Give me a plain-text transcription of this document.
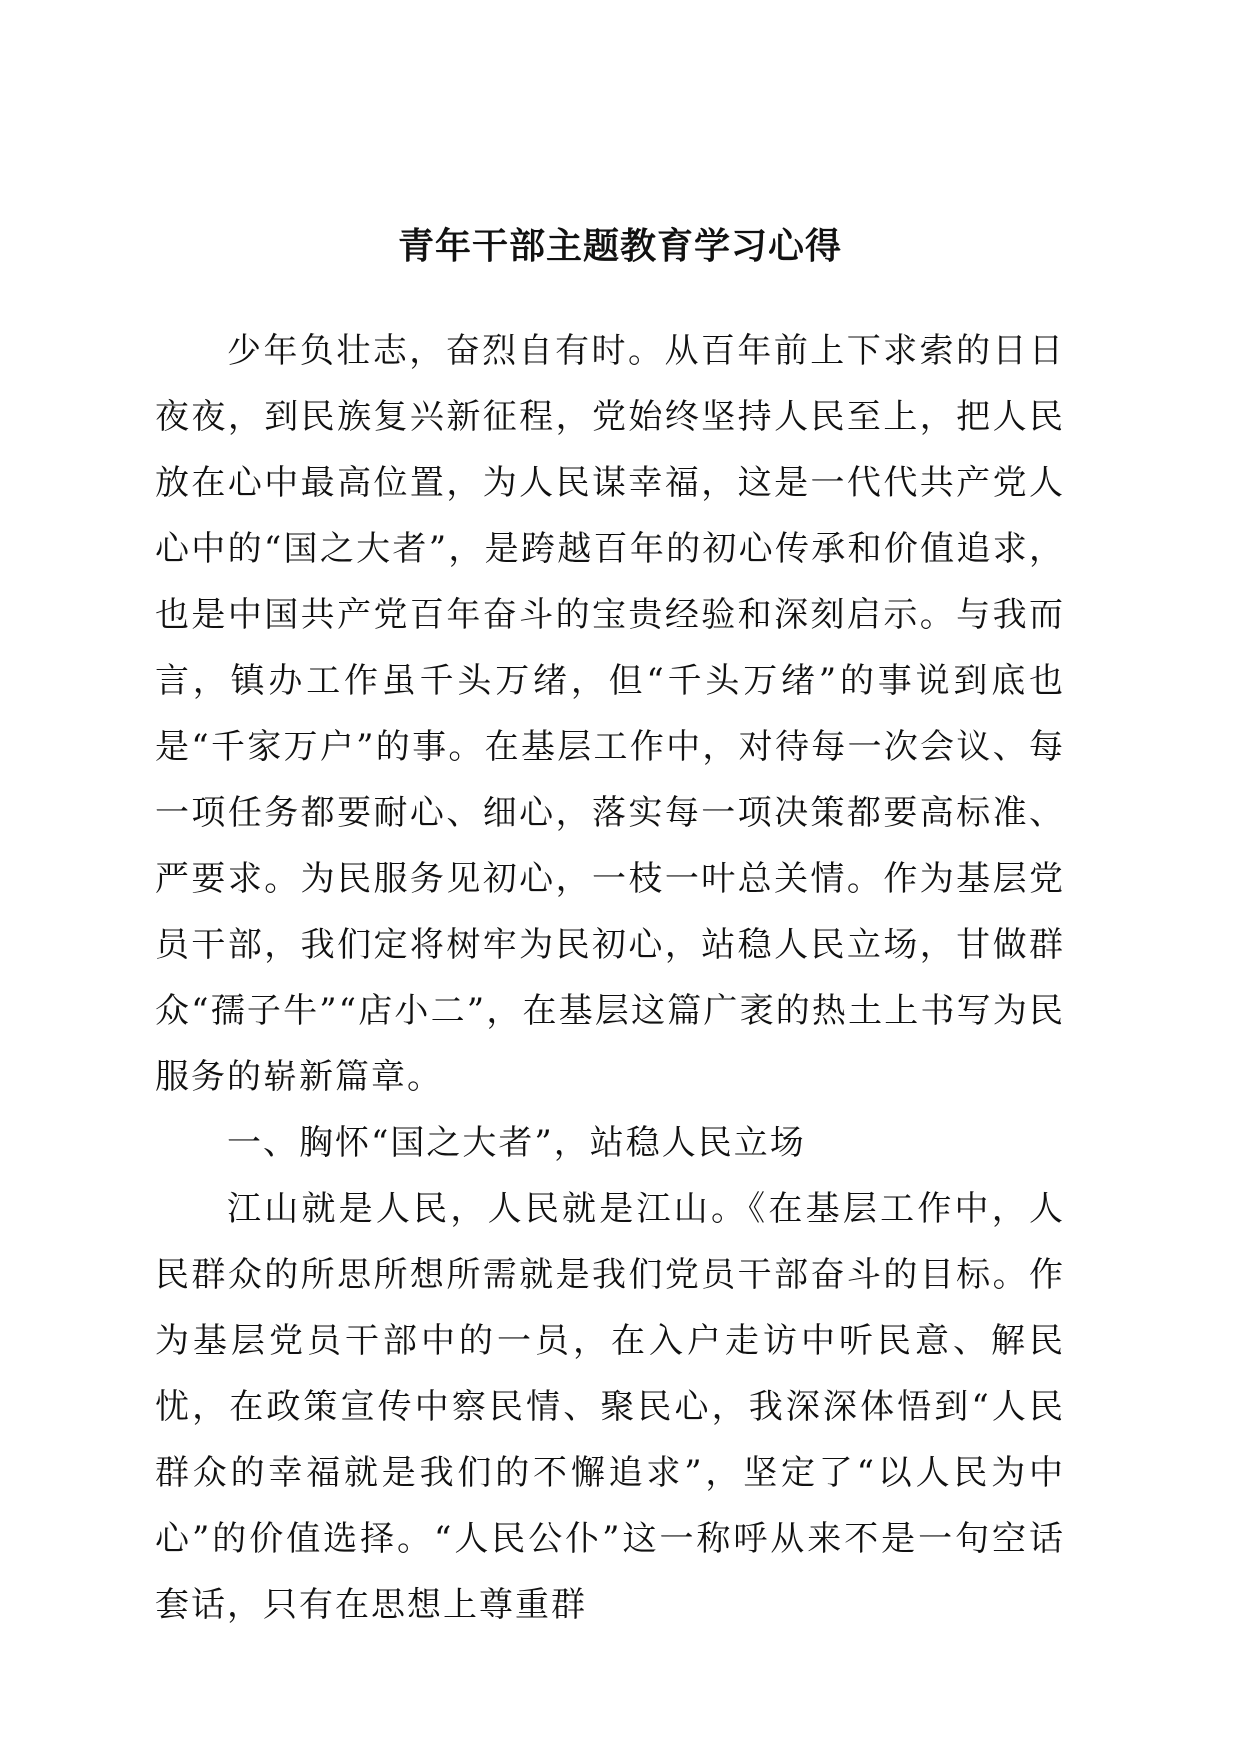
青年干部主题教育学习心得

少年负壮志，奋烈自有时。从百年前上下求索的日日夜夜，到民族复兴新征程，党始终坚持人民至上，把人民放在心中最高位置，为人民谋幸福，这是一代代共产党人心中的“国之大者”，是跨越百年的初心传承和价值追求，也是中国共产党百年奋斗的宝贵经验和深刻启示。与我而言，镇办工作虽千头万绪，但“千头万绪”的事说到底也是“千家万户”的事。在基层工作中，对待每一次会议、每一项任务都要耐心、细心，落实每一项决策都要高标准、严要求。为民服务见初心，一枝一叶总关情。作为基层党员干部，我们定将树牢为民初心，站稳人民立场，甘做群众“孺子牛”“店小二”，在基层这篇广袤的热土上书写为民服务的崭新篇章。

一、胸怀“国之大者”，站稳人民立场

江山就是人民，人民就是江山。《在基层工作中，人民群众的所思所想所需就是我们党员干部奋斗的目标。作为基层党员干部中的一员，在入户走访中听民意、解民忧，在政策宣传中察民情、聚民心，我深深体悟到“人民群众的幸福就是我们的不懈追求”，坚定了“以人民为中心”的价值选择。“人民公仆”这一称呼从来不是一句空话套话，只有在思想上尊重群
